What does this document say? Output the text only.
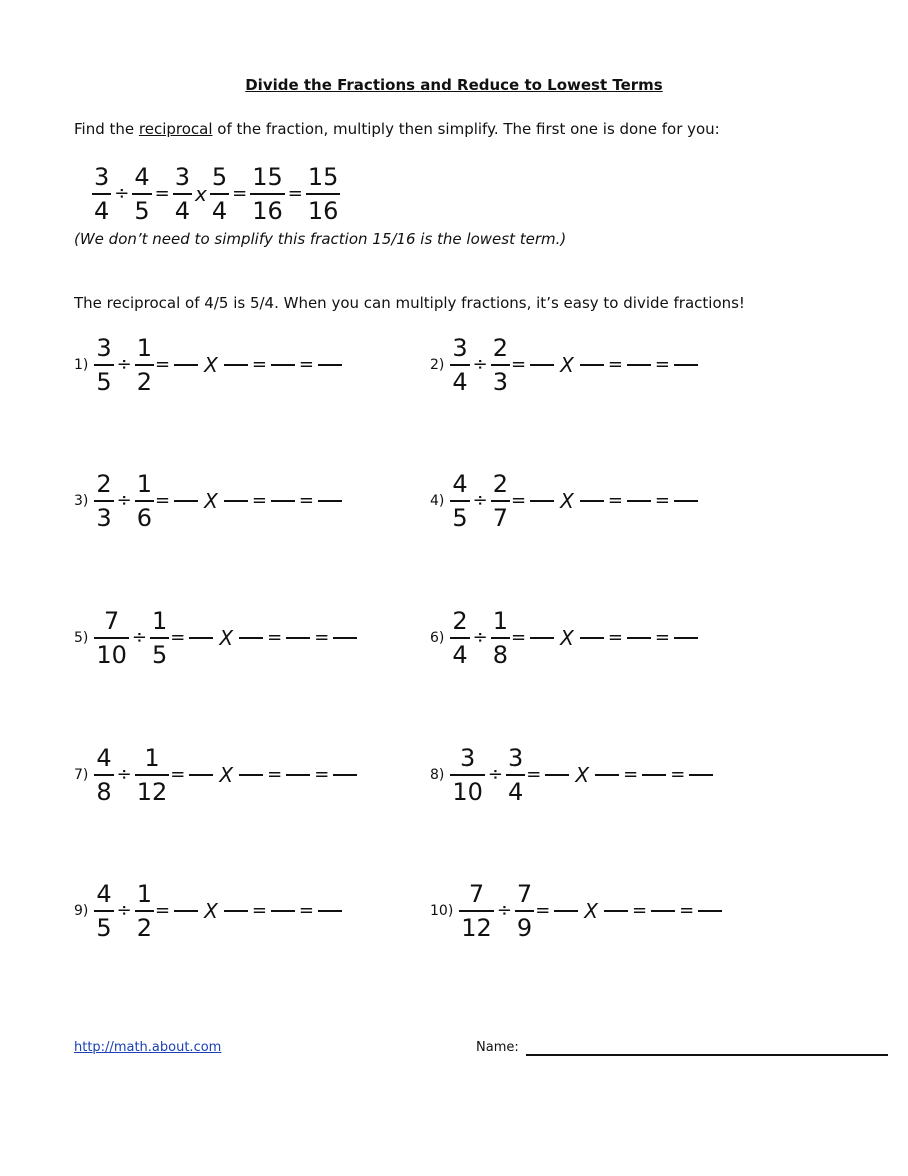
Divide the Fractions and Reduce to Lowest Terms
Find the reciprocal of the fraction, multiply then simplify. The first one is done for you:
$\frac{3}{4} \div \frac{4}{5} = \frac{3}{4}$ x $\frac{5}{4} = \frac{15}{16} = \frac{15}{16}$
(We don’t need to simplify this fraction 15/16 is the lowest term.)
The reciprocal of 4/5 is 5/4. When you can multiply fractions, it’s easy to divide fractions!
$1) \frac{3}{5} \div \frac{1}{2} = X$ = =	$2) \frac{3}{4} \div \frac{2}{3} = X$ = =
$3) \frac{2}{3} \div \frac{1}{6} = X$ = =	$4) \frac{4}{5} \div \frac{2}{7} = X$ = =
$5) \frac{7}{10} \div \frac{1}{5} = X$ = =	$6) \frac{2}{4} \div \frac{1}{8} = X$ = =
$7) \frac{4}{8} \div \frac{1}{12} = X$ = =	$8) \frac{3}{10} \div \frac{3}{4} = X$ = =
$9) \frac{4}{5} \div \frac{1}{2} = X$ = =	$10) \frac{7}{12} \div \frac{7}{9} = X$ = =
http://math.about.com	Name:
